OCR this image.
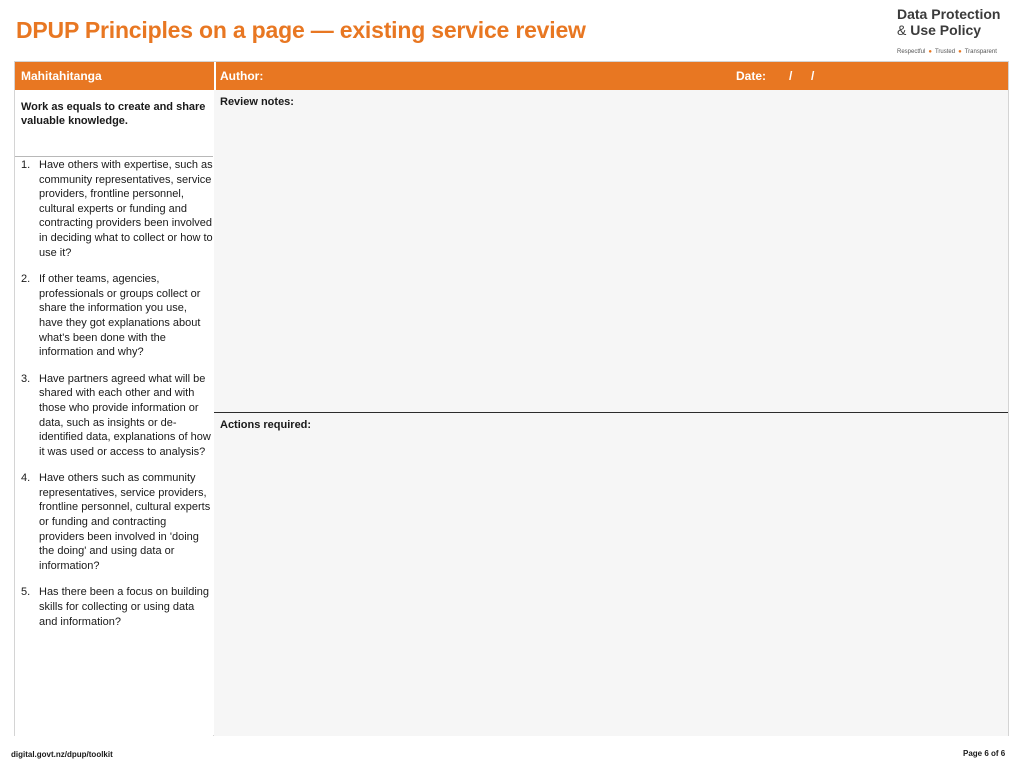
DPUP Principles on a page — existing service review
Data Protection
& Use Policy
Respectful ● Trusted ● Transparent
Mahitahitanga	Author:	Date: / /

Work as equals to create and share valuable knowledge.

1. Have others with expertise, such as community representatives, service providers, frontline personnel, cultural experts or funding and contracting providers been involved in deciding what to collect or how to use it?
2. If other teams, agencies, professionals or groups collect or share the information you use, have they got explanations about what's been done with the information and why?
3. Have partners agreed what will be shared with each other and with those who provide information or data, such as insights or de-identified data, explanations of how it was used or access to analysis?
4. Have others such as community representatives, service providers, frontline personnel, cultural experts or funding and contracting providers been involved in 'doing the doing' and using data or information?
5. Has there been a focus on building skills for collecting or using data and information?
Review notes:
Actions required:
digital.govt.nz/dpup/toolkit	Page 6 of 6
